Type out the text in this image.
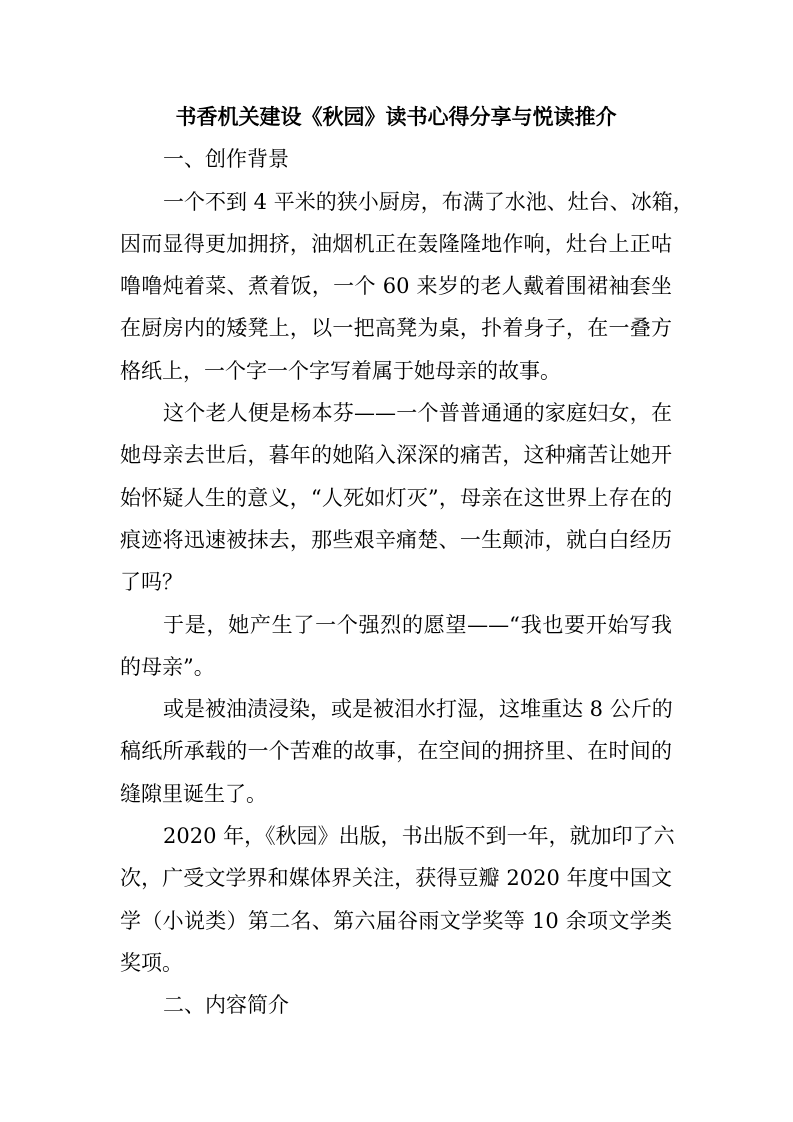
书香机关建设《秋园》读书心得分享与悦读推介
一、创作背景
一个不到 4 平米的狭小厨房，布满了水池、灶台、冰箱，
因而显得更加拥挤，油烟机正在轰隆隆地作响，灶台上正咕
噜噜炖着菜、煮着饭，一个 60 来岁的老人戴着围裙袖套坐
在厨房内的矮凳上，以一把高凳为桌，扑着身子，在一叠方
格纸上，一个字一个字写着属于她母亲的故事。
这个老人便是杨本芬——一个普普通通的家庭妇女，在
她母亲去世后，暮年的她陷入深深的痛苦，这种痛苦让她开
始怀疑人生的意义，“人死如灯灭”，母亲在这世界上存在的
痕迹将迅速被抹去，那些艰辛痛楚、一生颠沛，就白白经历
了吗？
于是，她产生了一个强烈的愿望——“我也要开始写我
的母亲”。
或是被油渍浸染，或是被泪水打湿，这堆重达 8 公斤的
稿纸所承载的一个苦难的故事，在空间的拥挤里、在时间的
缝隙里诞生了。
2020 年，《秋园》出版，书出版不到一年，就加印了六
次，广受文学界和媒体界关注，获得豆瓣 2020 年度中国文
学（小说类）第二名、第六届谷雨文学奖等 10 余项文学类
奖项。
二、内容简介
